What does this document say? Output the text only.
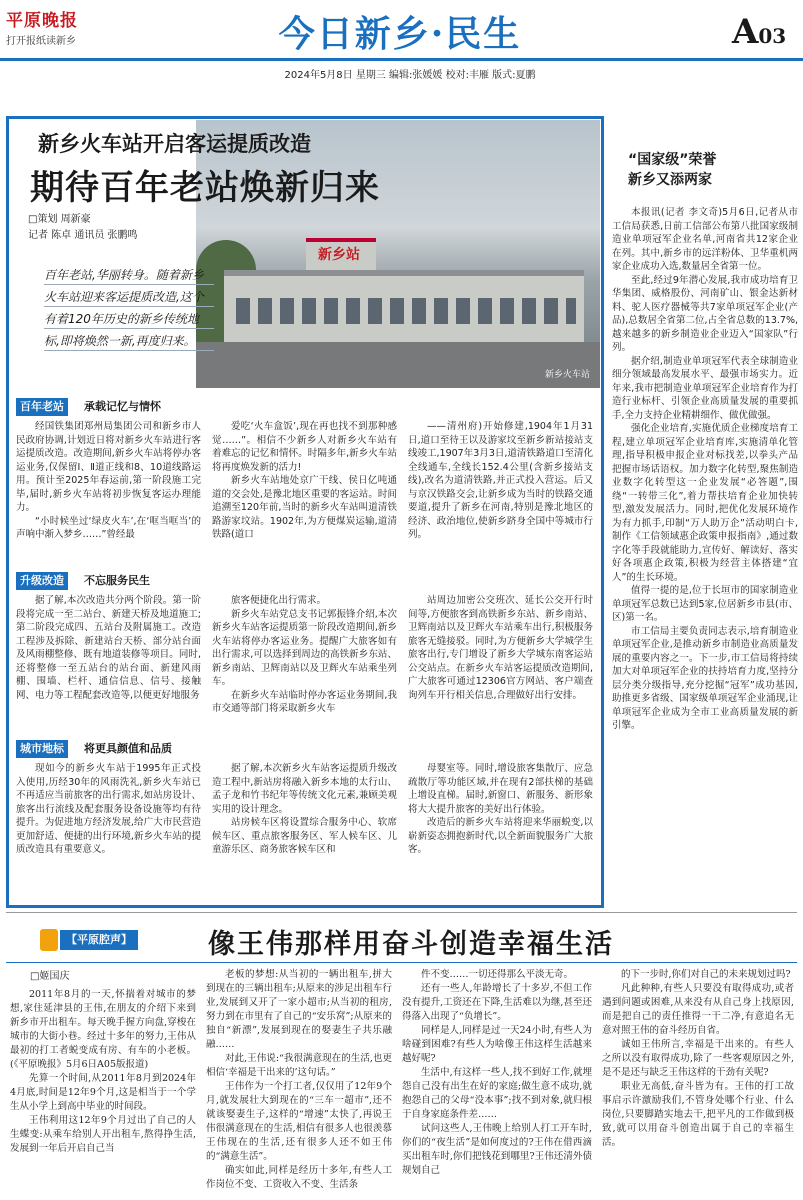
平原晚报
打开报纸读新乡	今日新乡·民生	A03
2024年5月8日 星期三 编辑:张媛媛 校对:丰雁 版式:夏鹏
新乡站
新乡火车站
新乡火车站开启客运提质改造
期待百年老站焕新归来
□策划 周新豪
记者 陈卓 通讯员 张鹏鸣
百年老站,华丽转身。随着新乡火车站迎来客运提质改造,这个有着120年历史的新乡传统地标,即将焕然一新,再度归来。
百年老站	承载记忆与情怀

经国铁集团郑州局集团公司和新乡市人民政府协调,计划近日将对新乡火车站进行客运提质改造。改造期间,新乡火车站将停办客运业务,仅保留Ⅰ、Ⅱ道正线和8、10道线路运用。预计至2025年春运前,第一阶段施工完毕,届时,新乡火车站将初步恢复客运办理能力。

“小时候坐过‘绿皮火车’,在‘哐当哐当’的声响中渐入梦乡……”曾经最

爱吃‘火车盒饭’,现在再也找不到那种感觉……”。相信不少新乡人对新乡火车站有着难忘的记忆和情怀。时隔多年,新乡火车站将再度焕发新的活力!

新乡火车站地处京广干线、侯日亿吨通道的交会处,是豫北地区重要的客运站。时间追溯至120年前,当时的新乡火车站叫道清铁路游家坟站。1902年,为方便煤炭运输,道清铁路(道口

——清州府)开始修建,1904年1月31日,道口至待王以及游家坟至新乡新站接站支线竣工,1907年3月3日,道清铁路道口至清化全线通车,全线长152.4公里(含新乡接站支线),改名为道清铁路,并正式投入营运。后又与京汉铁路交会,让新乡成为当时的铁路交通要道,提升了新乡在河南,特别是豫北地区的经济、政治地位,使新乡跻身全国中等城市行列。

升级改造	不忘服务民生

据了解,本次改造共分两个阶段。第一阶段将完成一至二站台、新建天桥及地道施工;第二阶段完成四、五站台及附属施工。改造工程涉及拆除、新建站台天桥、部分站台面及风雨棚整修、既有地道装修等项目。同时,还将整修一至五站台的站台面、新建风雨棚、围墙、栏杆、通信信息、信号、接触网、电力等工程配套改造等,以便更好地服务

旅客便捷化出行需求。

新乡火车站党总支书记郭振锋介绍,本次新乡火车站客运提质第一阶段改造期间,新乡火车站将停办客运业务。提醒广大旅客如有出行需求,可以选择到周边的高铁新乡东站、新乡南站、卫辉南站以及卫辉火车站乘坐列车。

在新乡火车站临时停办客运业务期间,我市交通等部门将采取新乡火车

站周边加密公交班次、延长公交开行时间等,方便旅客到高铁新乡东站、新乡南站、卫辉南站以及卫辉火车站乘车出行,积极服务旅客无缝接驳。同时,为方便新乡大学城学生旅客出行,专门增设了新乡大学城东南客运站公交站点。在新乡火车站客运提质改造期间,广大旅客可通过12306官方网站、客户端查询列车开行相关信息,合理做好出行安排。

城市地标	将更具颜值和品质

现如今的新乡火车站于1995年正式投入使用,历经30年的风雨洗礼,新乡火车站已不再适应当前旅客的出行需求,如站房设计、旅客出行流线及配套服务设备设施等均有待提升。为促进地方经济发展,给广大市民营造更加舒适、便捷的出行环境,新乡火车站的提质改造具有重要意义。

据了解,本次新乡火车站客运提质升级改造工程中,新站房将融入新乡本地的太行山、孟子龙和竹书纪年等传统文化元素,兼顾美观实用的设计理念。

站房候车区将设置综合服务中心、软席候车区、重点旅客服务区、军人候车区、儿童游乐区、商务旅客候车区和

母婴室等。同时,增设旅客集散厅、应急疏散厅等功能区域,并在现有2部扶梯的基础上增设直梯。届时,新窗口、新服务、新形象将大大提升旅客的美好出行体验。

改造后的新乡火车站将迎来华丽蜕变,以崭新姿态拥抱新时代,以全新面貌服务广大旅客。

“国家级”荣誉
新乡又添两家

本报讯(记者 李文奇)5月6日,记者从市工信局获悉,日前工信部公布第八批国家级制造业单项冠军企业名单,河南省共12家企业在列。其中,新乡市的远洋粉体、卫华重机两家企业成功入选,数量居全省第一位。

至此,经过9年潜心发展,我市成功培育卫华集团、威格股份、河南矿山、银金达新材料、驼人医疗器械等共7家单项冠军企业(产品),总数居全省第二位,占全省总数的13.7%,越来越多的新乡制造业企业迈入“国家队”行列。

据介绍,制造业单项冠军代表全球制造业细分领域最高发展水平、最强市场实力。近年来,我市把制造业单项冠军企业培育作为打造行业标杆、引领企业高质量发展的重要抓手,全力支持企业精耕细作、做优做强。

强化企业培育,实施优质企业梯度培育工程,建立单项冠军企业培育库,实施清单化管理,指导积极申报企业对标找差,以拳头产品把握市场话语权。加力数字化转型,聚焦制造业数字化转型这一企业发展“必答题”,围绕“一转带三化”,着力帮扶培育企业加快转型,激发发展活力。同时,把优化发展环境作为有力抓手,印制“万人助万企”活动明白卡,制作《工信领域惠企政策申报指南》,通过数字化等手段就能助力,宣传好、解读好、落实好各项惠企政策,积极为经营主体搭建“宜人”的生长环境。

值得一提的是,位于长垣市的国家制造业单项冠军总数已达到5家,位居新乡市县(市、区)第一名。

市工信局主要负责同志表示,培育制造业单项冠军企业,是推动新乡市制造业高质量发展的重要内容之一。下一步,市工信局将持续加大对单项冠军企业的扶持培育力度,坚持分层分类分级指导,充分挖掘“冠军”成功基因,助推更多省级、国家级单项冠军企业涌现,让单项冠军企业成为全市工业高质量发展的新引擎。

【平原腔声】	像王伟那样用奋斗创造幸福生活

□姬国庆

2011年8月的一天,怀揣着对城市的梦想,家住延津县的王伟,在朋友的介绍下来到新乡市开出租车。每天晚手握方向盘,穿梭在城市的大街小巷。经过十多年的努力,王伟从最初的打工者蜕变成有房、有车的小老板。(《平原晚报》5月6日A05版报道)

先算一个时间,从2011年8月到2024年4月底,时间是12年9个月,这是相当于一个学生从小学上到高中毕业的时间段。

王伟利用这12年9个月过出了自己的人生蝶变:从乘车给别人开出租车,熬得挣生活,发展到一年后开启自己当

老板的梦想:从当初的一辆出租车,拼大到现在的三辆出租车;从原来的涉足出租车行业,发展到又开了一家小超市;从当初的租房,努力到在市里有了自己的“安乐窝”;从原来的独自“新漂”,发展到现在的娶妻生子共乐融融……

对此,王伟说:“我很满意现在的生活,也更相信‘幸福是干出来的’这句话。”

王伟作为一个打工者,仅仅用了12年9个月,就发展壮大到现在的“三车一超市”,还不就该娶妻生子,这样的“增速”太快了,再说王伟很满意现在的生活,相信有很多人也很羡慕王伟现在的生活,还有很多人还不如王伟的“满意生活”。

确实如此,同样是经历十多年,有些人工作岗位不变、工资收入不变、生活条

件不变……一切还得那么平淡无奇。

还有一些人,年龄增长了十多岁,不但工作没有提升,工资还在下降,生活难以为继,甚至还得落入出现了“负增长”。

同样是人,同样是过一天24小时,有些人为啥碰到困难?有些人为啥像王伟这样生活越来越好呢?

生活中,有这样一些人,找不到好工作,就埋怨自己没有出生在好的家庭;做生意不成功,就抱怨自己的父母“没本事”;找不到对象,就归根于自身家庭条件差……

试问这些人,王伟晚上给别人打工开车时,你们的“夜生活”是如何度过的?王伟在借西滴买出租车时,你们把钱花到哪里?王伟还清外债规划自己

的下一步时,你们对自己的未来规划过吗?

凡此种种,有些人只要没有取得成功,或者遇到问题或困难,从来没有从自己身上找原因,而是把自己的责任推得一干二净,有意追名无意对照王伟的奋斗经历自省。

诚如王伟所言,幸福是干出来的。有些人之所以没有取得成功,除了一些客观原因之外,是不是还与缺乏王伟这样的干劲有关呢?

职业无高低,奋斗皆为有。王伟的打工故事启示许激励我们,不管身处哪个行业、什么岗位,只要脚踏实地去干,把平凡的工作做到极致,就可以用奋斗创造出属于自己的幸福生活。
